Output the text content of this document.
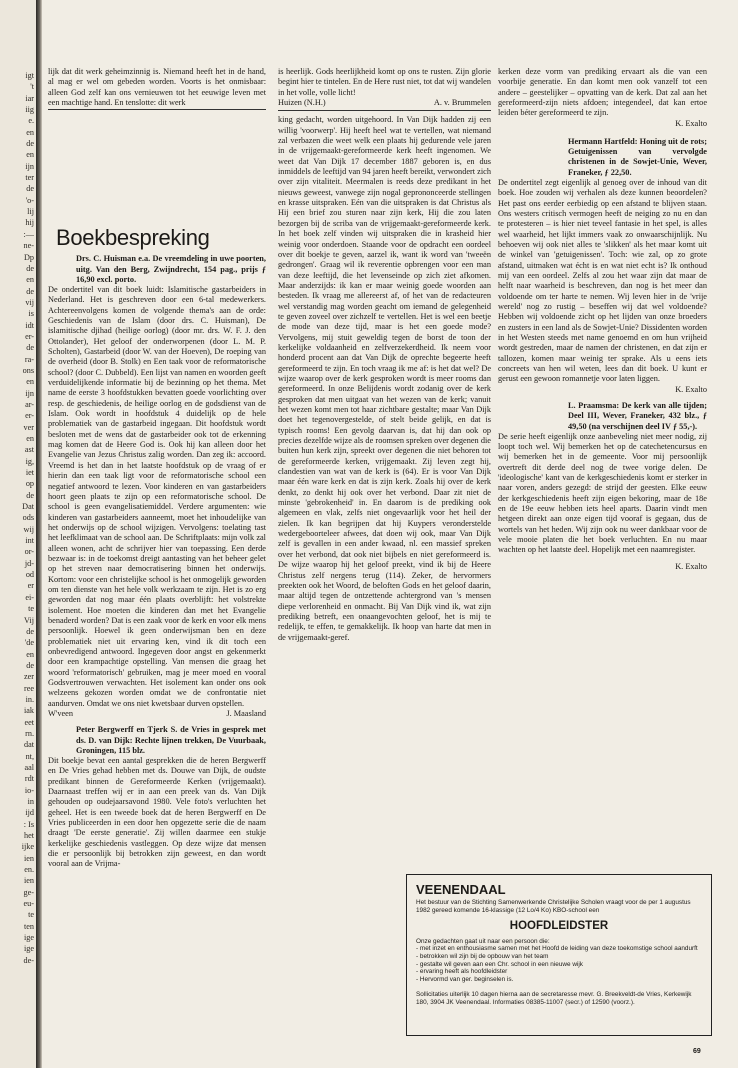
igt
't
iar
iig
e.
en
de
en
ijn
ter
de
'o-
lij
hij
:—
ne-
Dp
de
en
de
vij
is
idt
er-
de
ra-
ons
en
ijn
ar-
er-
ver
en
ast
ig,
iet
op
de
Dat
ods
wij
int
or-
jd-
od
er
ei-
te
Vij
de
'de
en
de
zer
ree
in.
iak
eet
rn.
dat
nt,
aal
rdt
io-
in
ijd
: Is
het
ijke
ien
en.
ien
ge-
eu-
te
ten
ige
ige
de-

lijk dat dit werk geheimzinnig is. Niemand heeft het in de hand, al mag er wel om gebeden worden. Voorts is het onmisbaar: alleen God zelf kan ons vernieuwen tot het eeuwige leven met een machtige hand. En tenslotte: dit werk

Boekbespreking

Drs. C. Huisman e.a. De vreemdeling in uwe poorten, uitg. Van den Berg, Zwijndrecht, 154 pag., prijs ƒ 16,90 excl. porto.

De ondertitel van dit boek luidt: Islamitische gastarbeiders in Nederland. Het is geschreven door een 6-tal medewerkers. Achtereenvolgens komen de volgende thema's aan de orde: Geschiedenis van de Islam (door drs. C. Huisman), De islamitische djihad (heilige oorlog) (door mr. drs. W. F. J. den Ottolander), Het geloof der onderworpenen (door L. M. P. Scholten), Gastarbeid (door W. van der Hoeven), De roeping van de overheid (door B. Stolk) en Een taak voor de reformatorische school? (door C. Dubbeld). Een lijst van namen en woorden geeft verduidelijkende informatie bij de bezinning op het thema. Met name de eerste 3 hoofdstukken bevatten goede voorlichting over resp. de geschiedenis, de heilige oorlog en de godsdienst van de Islam. Ook wordt in hoofdstuk 4 duidelijk op de hele problematiek van de gastarbeid ingegaan. Dit hoofdstuk wordt besloten met de wens dat de gastarbeider ook tot de erkenning mag komen dat de Heere God is. Ook hij kan alleen door het Evangelie van Jezus Christus zalig worden. Dan zeg ik: accoord. Vreemd is het dan in het laatste hoofdstuk op de vraag of er hierin dan een taak ligt voor de reformatorische school een negatief antwoord te lezen. Voor kinderen en van gastarbeiders hoort geen plaats te zijn op een reformatorische school. De school is geen evangelisatiemiddel. Verdere argumenten: wie kinderen van gastarbeiders aanneemt, moet het inhoudelijke van het onderwijs op de school wijzigen. Vervolgens: toelating tast het leefklimaat van de school aan. De Schriftplaats: mijn volk zal alleen wonen, acht de schrijver hier van toepassing. Een derde bezwaar is: in de toekomst dreigt aantasting van het beheer gelet op het streven naar democratisering binnen het onderwijs. Kortom: voor een christelijke school is het onmogelijk geworden om ten dienste van het hele volk werkzaam te zijn. Het is zo erg geworden dat nog maar één plaats overblijft: het volstrekte isolement. Hoe moeten die kinderen dan met het Evangelie benaderd worden? Dat is een zaak voor de kerk en voor elk mens persoonlijk. Hoewel ik geen onderwijsman ben en deze problematiek niet uit ervaring ken, vind ik dit toch een onbevredigend antwoord. Ingegeven door angst en gekenmerkt door een krampachtige opstelling. Van mensen die graag het woord 'reformatorisch' gebruiken, mag je meer moed en vooral Godsvertrouwen verwachten. Het isolement kan onder ons ook welzeens gekozen worden omdat we de confrontatie niet aandurven. Omdat we ons niet kwetsbaar durven opstellen.

W'veen	J. Maasland

Peter Bergwerff en Tjerk S. de Vries in gesprek met ds. D. van Dijk: Rechte lijnen trekken, De Vuurbaak, Groningen, 115 blz.

Dit boekje bevat een aantal gesprekken die de heren Bergwerff en De Vries gehad hebben met ds. Douwe van Dijk, de oudste predikant binnen de Gereformeerde Kerken (vrijgemaakt). Daarnaast treffen wij er in aan een preek van ds. Van Dijk gehouden op oudejaarsavond 1980. Vele foto's verluchten het geheel. Het is een tweede boek dat de heren Bergwerff en De Vries publiceerden in een door hen opgezette serie die de naam draagt 'De eerste generatie'. Zij willen daarmee een stukje kerkelijke geschiedenis vastleggen. Op deze wijze dat mensen die er persoonlijk bij betrokken zijn geweest, en dan wordt vooral aan de Vrijma-

is heerlijk. Gods heerlijkheid komt op ons te rusten. Zijn glorie begint hier te tintelen. En de Here rust niet, tot dat wij wandelen in het volle, volle licht!

Huizen (N.H.)	A. v. Brummelen

king gedacht, worden uitgehoord. In Van Dijk hadden zij een willig 'voorwerp'. Hij heeft heel wat te vertellen, wat niemand zal verbazen die weet welk een plaats hij gedurende vele jaren in de vrijgemaakt-gereformeerde kerk heeft ingenomen. We weet dat Van Dijk 17 december 1887 geboren is, en dus inmiddels de leeftijd van 94 jaren heeft bereikt, verwondert zich over zijn vitaliteit. Meermalen is reeds deze predikant in het nieuws geweest, vanwege zijn nogal geprononceerde stellingen en krasse uitspraken. Eén van die uitspraken is dat Christus als Hij een brief zou sturen naar zijn kerk, Hij die zou laten bezorgen bij de scriba van de vrijgemaakt-gereformeerde kerk. In het boek zelf vinden wij uitspraken die in krasheid hier weinig voor onderdoen. Staande voor de opdracht een oordeel over dit boekje te geven, aarzel ik, want ik word van 'tweeën gedrongen'. Graag wil ik reverentie opbrengen voor een man van deze leeftijd, die het levenseinde op zich ziet afkomen. Maar anderzijds: ik kan er maar weinig goede woorden aan besteden. Ik vraag me allereerst af, of het van de redacteuren wel verstandig mag worden geacht om iemand de gelegenheid te geven zoveel over zichzelf te vertellen. Het is wel een beetje de mode van deze tijd, maar is het een goede mode? Vervolgens, mij stuit geweldig tegen de borst de toon der kerkelijke voldaanheid en zelfverzekerdheid. Ik neem voor honderd procent aan dat Van Dijk de oprechte begeerte heeft gereformeerd te zijn. En toch vraag ik me af: is het dat wel? De wijze waarop over de kerk gesproken wordt is meer rooms dan gereformeerd. In onze Belijdenis wordt zodanig over de kerk gesproken dat men uitgaat van het wezen van de kerk; vanuit het wezen komt men tot haar zichtbare gestalte; maar Van Dijk doet het tegenovergestelde, of stelt beide gelijk, en dat is typisch rooms! Een gevolg daarvan is, dat hij dan ook op precies dezelfde wijze als de roomsen spreken over degenen die buiten hun kerk zijn, spreekt over degenen die niet behoren tot de gereformeerde kerken, vrijgemaakt. Zij leven zegt hij, clandestien van wat van de kerk is (64). Er is voor Van Dijk maar één ware kerk en dat is zijn kerk. Zoals hij over de kerk denkt, zo denkt hij ook over het verbond. Daar zit niet de minste 'gebrokenheid' in. En daarom is de prediking ook algemeen en vlak, zelfs niet ongevaarlijk voor het heil der zielen. Ik kan begrijpen dat hij Kuypers veronderstelde wedergeboorteleer afwees, dat doen wij ook, maar Van Dijk zelf is gevallen in een ander kwaad, nl. een massief spreken over het verbond, dat ook niet bijbels en niet gereformeerd is. De wijze waarop hij het geloof preekt, vind ik bij de Heere Christus zelf nergens terug (114). Zeker, de hervormers preekten ook het Woord, de beloften Gods en het geloof daarin, maar altijd tegen de ontzettende achtergrond van 's mensen diepe verlorenheid en onmacht. Bij Van Dijk vind ik, wat zijn prediking betreft, een onaangevochten geloof, het is mij te redelijk, te effen, te gemakkelijk. Ik hoop van harte dat men in de vrijgemaakt-geref.

kerken deze vorm van prediking ervaart als die van een voorbije generatie. En dan komt men ook vanzelf tot een andere – geestelijker – opvatting van de kerk. Dat zal aan het gereformeerd-zijn niets afdoen; integendeel, dat kan ertoe leiden béter gereformeerd te zijn.

K. Exalto

Hermann Hartfeld: Honing uit de rots; Getuigenissen van vervolgde christenen in de Sowjet-Unie, Wever, Franeker, ƒ 22,50.

De ondertitel zegt eigenlijk al genoeg over de inhoud van dit boek. Hoe zouden wij verhalen als deze kunnen beoordelen? Het past ons eerder eerbiedig op een afstand te blijven staan. Ons westers critisch vermogen heeft de neiging zo nu en dan te protesteren – is hier niet teveel fantasie in het spel, is alles wel waarheid, het lijkt immers vaak zo onwaarschijnlijk. Nu behoeven wij ook niet alles te 'slikken' als het maar komt uit de winkel van 'getuigenissen'. Toch: wie zal, op zo grote afstand, uitmaken wat écht is en wat niet echt is? Ik onthoud mij van een oordeel. Zelfs al zou het waar zijn dat maar de helft naar waarheid is beschreven, dan nog is het meer dan voldoende om ter harte te nemen. Wij leven hier in de 'vrije wereld' nog zo rustig – beseffen wij dat wel voldoende? Hebben wij voldoende zicht op het lijden van onze broeders en zusters in een land als de Sowjet-Unie? Dissidenten worden in het Westen steeds met name genoemd en om hun vrijheid wordt gestreden, maar de namen der christenen, en dat zijn er tallozen, komen maar weinig ter sprake. Als u eens iets concreets van hen wil weten, lees dan dit boek. U kunt er gerust een gewoon romannetje voor laten liggen.

K. Exalto

L. Praamsma: De kerk van alle tijden; Deel III, Wever, Franeker, 432 blz., ƒ 49,50 (na verschijnen deel IV ƒ 55,-).

De serie heeft eigenlijk onze aanbeveling niet meer nodig, zij loopt toch wel. Wij bemerken het op de catechetencursus en wij bemerken het in de gemeente. Voor mij persoonlijk overtreft dit derde deel nog de twee vorige delen. De 'ideologische' kant van de kerkgeschiedenis komt er sterker in naar voren, anders gezegd: de strijd der geesten. Elke eeuw der kerkgeschiedenis heeft zijn eigen bekoring, maar de 18e en de 19e eeuw hebben iets heel aparts. Daarin vindt men hetgeen direkt aan onze eigen tijd vooraf is gegaan, dus de wortels van het heden. Wij zijn ook nu weer dankbaar voor de vele mooie platen die het boek verluchten. En nu maar wachten op het laatste deel. Hopelijk met een naamregister.

K. Exalto
VEENENDAAL

Het bestuur van de Stichting Samenwerkende Christelijke Scholen vraagt voor de per 1 augustus 1982 gereed komende 16-klassige (12 Lo/4 Ko) KBO-school een

HOOFDLEIDSTER

Onze gedachten gaat uit naar een persoon die:

- met inzet en enthousiasme samen met het Hoofd de leiding van deze toekomstige school aandurft
- betrokken wil zijn bij de opbouw van het team
- gestalte wil geven aan een Chr. school in een nieuwe wijk
- ervaring heeft als hoofdleidster
- Hervormd van ger. beginselen is.

Sollicitaties uiterlijk 10 dagen hierna aan de secretaresse mevr. G. Breekveldt-de Vries, Kerkewijk 180, 3904 JK Veenendaal. Informaties 08385-11007 (secr.) of 12590 (voorz.).

69
